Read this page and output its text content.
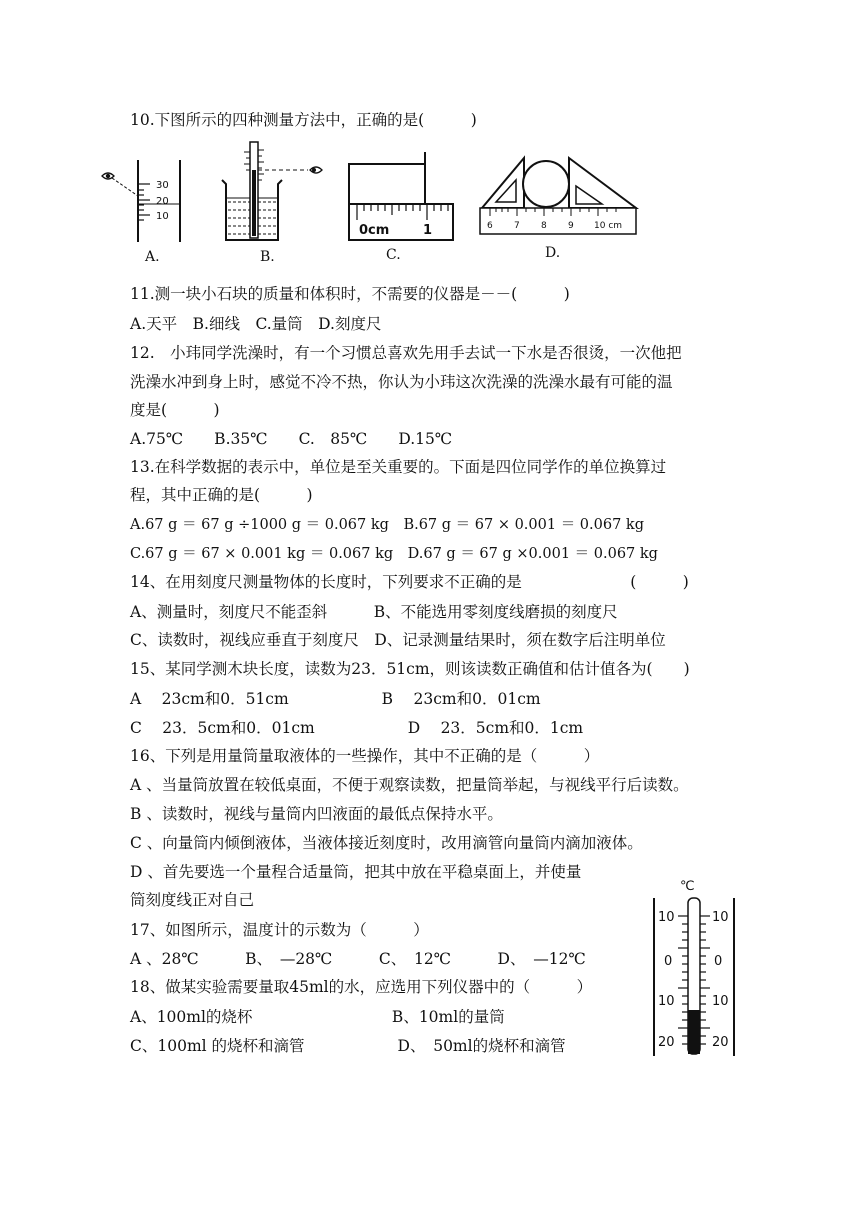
10.下图所示的四种测量方法中，正确的是(　　　)

30
20
10
A.	B.
0cm	1
C.
6 7 8 9 10 cm
D.

11.测一块小石块的质量和体积时，不需要的仪器是－－(　　　)

A.天平　B.细线　C.量筒　D.刻度尺

12.　小玮同学洗澡时，有一个习惯总喜欢先用手去试一下水是否很烫，一次他把

洗澡水冲到身上时，感觉不冷不热，你认为小玮这次洗澡的洗澡水最有可能的温

度是(　　　)

A.75℃　　B.35℃　　C.　85℃　　D.15℃

13.在科学数据的表示中，单位是至关重要的。下面是四位同学作的单位换算过

程，其中正确的是(　　　)

A.67 g ＝ 67 g ÷1000 g ＝ 0.067 kg　B.67 g ＝ 67 × 0.001 ＝ 0.067 kg

C.67 g ＝ 67 × 0.001 kg ＝ 0.067 kg　D.67 g ＝ 67 g ×0.001 ＝ 0.067 kg

14、在用刻度尺测量物体的长度时，下列要求不正确的是　　　　　　　(　　　)

A、测量时，刻度尺不能歪斜　　　B、不能选用零刻度线磨损的刻度尺

C、读数时，视线应垂直于刻度尺　D、记录测量结果时，须在数字后注明单位

15、某同学测木块长度，读数为23．51cm，则该读数正确值和估计值各为(　　)

A　 23cm和0．51cm　　　　　　B　 23cm和0．01cm

C　 23．5cm和0．01cm　　　　　　D　 23．5cm和0．1cm

16、下列是用量筒量取液体的一些操作，其中不正确的是（　　　）

A 、当量筒放置在较低桌面，不便于观察读数，把量筒举起，与视线平行后读数。

B 、读数时，视线与量筒内凹液面的最低点保持水平。

C 、向量筒内倾倒液体，当液体接近刻度时，改用滴管向量筒内滴加液体。

D 、首先要选一个量程合适量筒，把其中放在平稳桌面上，并使量

筒刻度线正对自己

17、如图所示，温度计的示数为（　　　）

A 、28℃　　　B、　—28℃　　　C、　12℃　　　D、　—12℃

18、做某实验需要量取45ml的水，应选用下列仪器中的（　　　）

A、100ml的烧杯　　　　　　　　　B、10ml的量筒

C、100ml 的烧杯和滴管　　　　　　D、　50ml的烧杯和滴管

℃
10	10
0	0
10	10
20	20
